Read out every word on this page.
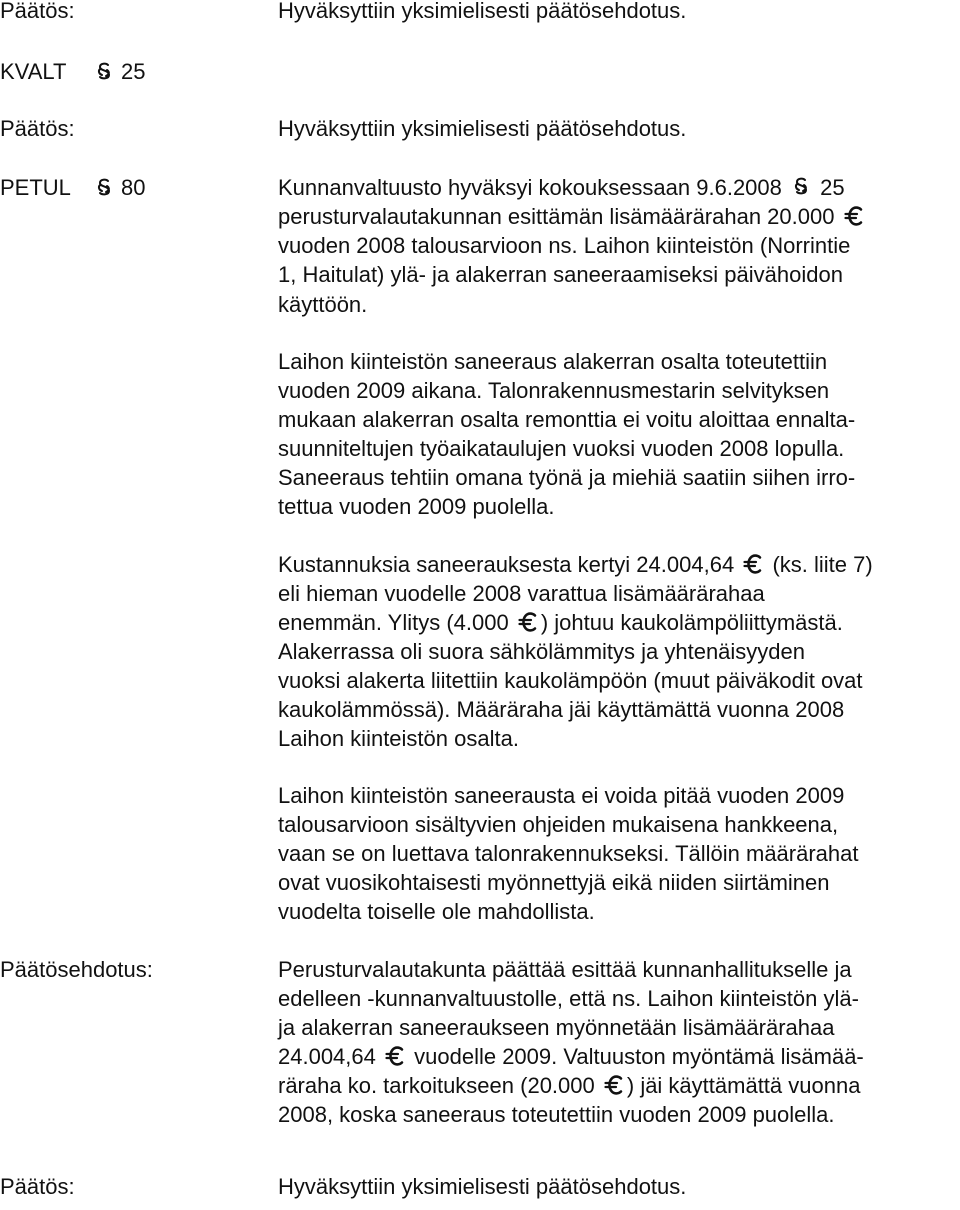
Päätös:	Hyväksyttiin yksimielisesti päätösehdotus.
KVALT 25
Päätös:	Hyväksyttiin yksimielisesti päätösehdotus.
PETUL 80	Kunnanvaltuusto hyväksyi kokouksessaan 9.6.2008 25
perusturvalautakunnan esittämän lisämäärärahan 20.000
vuoden 2008 talousarvioon ns. Laihon kiinteistön (Norrintie
1, Haitulat) ylä- ja alakerran saneeraamiseksi päivähoidon
käyttöön.
Laihon kiinteistön saneeraus alakerran osalta toteutettiin
vuoden 2009 aikana. Talonrakennusmestarin selvityksen
mukaan alakerran osalta remonttia ei voitu aloittaa ennalta-
suunniteltujen työaikataulujen vuoksi vuoden 2008 lopulla.
Saneeraus tehtiin omana työnä ja miehiä saatiin siihen irro-
tettua vuoden 2009 puolella.
Kustannuksia saneerauksesta kertyi 24.004,64 (ks. liite 7)
eli hieman vuodelle 2008 varattua lisämäärärahaa
enemmän. Ylitys (4.000 ) johtuu kaukolämpöliittymästä.
Alakerrassa oli suora sähkölämmitys ja yhtenäisyyden
vuoksi alakerta liitettiin kaukolämpöön (muut päiväkodit ovat
kaukolämmössä). Määräraha jäi käyttämättä vuonna 2008
Laihon kiinteistön osalta.
Laihon kiinteistön saneerausta ei voida pitää vuoden 2009
talousarvioon sisältyvien ohjeiden mukaisena hankkeena,
vaan se on luettava talonrakennukseksi. Tällöin määrärahat
ovat vuosikohtaisesti myönnettyjä eikä niiden siirtäminen
vuodelta toiselle ole mahdollista.
Päätösehdotus:	Perusturvalautakunta päättää esittää kunnanhallitukselle ja
edelleen -kunnanvaltuustolle, että ns. Laihon kiinteistön ylä-
ja alakerran saneeraukseen myönnetään lisämäärärahaa
24.004,64 vuodelle 2009. Valtuuston myöntämä lisämää-
räraha ko. tarkoitukseen (20.000 ) jäi käyttämättä vuonna
2008, koska saneeraus toteutettiin vuoden 2009 puolella.
Päätös:	Hyväksyttiin yksimielisesti päätösehdotus.
